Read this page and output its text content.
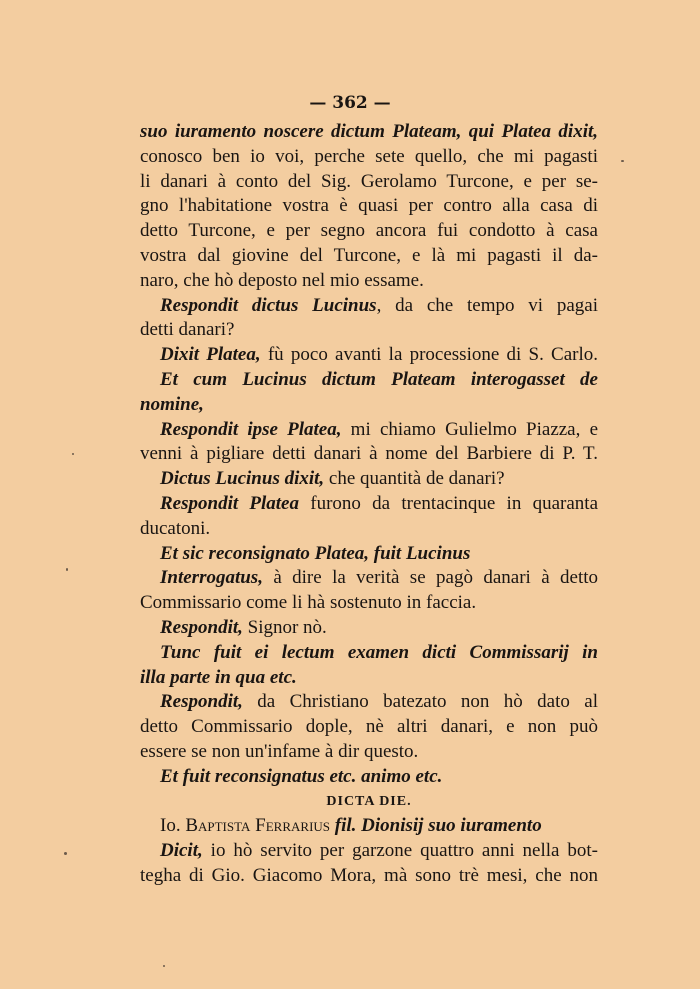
— 362 —
suo iuramento noscere dictum Plateam, qui Platea dixit,
conosco ben io voi, perche sete quello, che mi pagasti
li danari à conto del Sig. Gerolamo Turcone, e per se-
gno l'habitatione vostra è quasi per contro alla casa di
detto Turcone, e per segno ancora fui condotto à casa
vostra dal giovine del Turcone, e là mi pagasti il da-
naro, che hò deposto nel mio essame.
Respondit dictus Lucinus, da che tempo vi pagai
detti danari?
Dixit Platea, fù poco avanti la processione di S. Carlo.
Et cum Lucinus dictum Plateam interogasset de
nomine,
Respondit ipse Platea, mi chiamo Gulielmo Piazza, e
venni à pigliare detti danari à nome del Barbiere di P. T.
Dictus Lucinus dixit, che quantità de danari?
Respondit Platea furono da trentacinque in quaranta
ducatoni.
Et sic reconsignato Platea, fuit Lucinus
Interrogatus, à dire la verità se pagò danari à detto
Commissario come li hà sostenuto in faccia.
Respondit, Signor nò.
Tunc fuit ei lectum examen dicti Commissarij in
illa parte in qua etc.
Respondit, da Christiano batezato non hò dato al
detto Commissario dople, nè altri danari, e non può
essere se non un'infame à dir questo.
Et fuit reconsignatus etc. animo etc.
DICTA DIE.
Io. Baptista Ferrarius fil. Dionisij suo iuramento
Dicit, io hò servito per garzone quattro anni nella bot-
tegha di Gio. Giacomo Mora, mà sono trè mesi, che non
